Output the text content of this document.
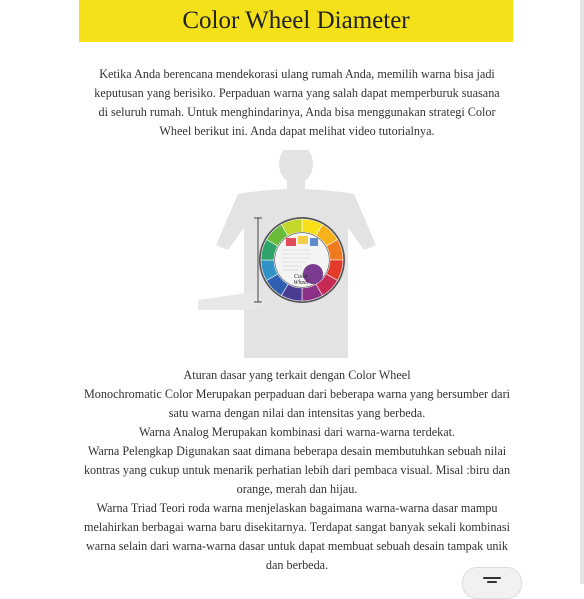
Color Wheel Diameter

Ketika Anda berencana mendekorasi ulang rumah Anda, memilih warna bisa jadi

keputusan yang berisiko. Perpaduan warna yang salah dapat memperburuk suasana

di seluruh rumah. Untuk menghindarinya, Anda bisa menggunakan strategi Color

Wheel berikut ini. Anda dapat melihat video tutorialnya.

Color
Wheel

Aturan dasar yang terkait dengan Color Wheel

Monochromatic Color Merupakan perpaduan dari beberapa warna yang bersumber dari

satu warna dengan nilai dan intensitas yang berbeda.

Warna Analog Merupakan kombinasi dari warna-warna terdekat.

Warna Pelengkap Digunakan saat dimana beberapa desain membutuhkan sebuah nilai

kontras yang cukup untuk menarik perhatian lebih dari pembaca visual. Misal :biru dan

orange, merah dan hijau.

Warna Triad Teori roda warna menjelaskan bagaimana warna-warna dasar mampu

melahirkan berbagai warna baru disekitarnya. Terdapat sangat banyak sekali kombinasi

warna selain dari warna-warna dasar untuk dapat membuat sebuah desain tampak unik

dan berbeda.
